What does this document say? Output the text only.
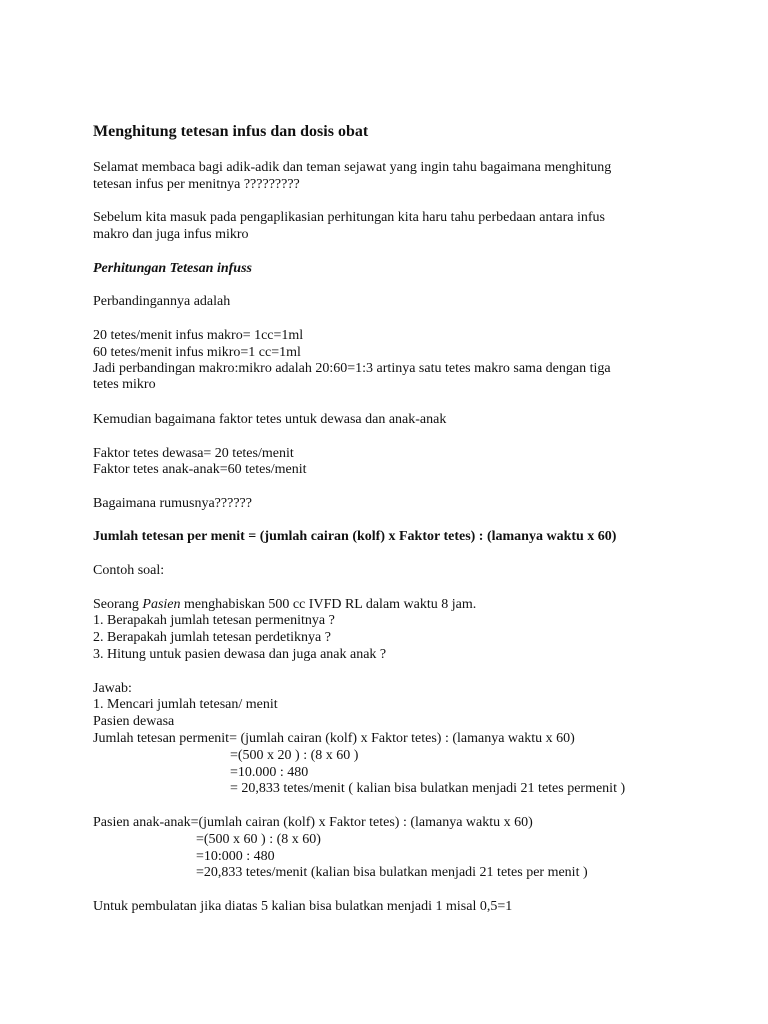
Menghitung tetesan infus dan dosis obat
Selamat membaca bagi adik-adik dan teman sejawat yang ingin tahu bagaimana menghitung
tetesan infus per menitnya ?????????
Sebelum kita masuk pada pengaplikasian perhitungan kita haru tahu perbedaan antara infus
makro dan juga infus mikro
Perhitungan Tetesan infuss
Perbandingannya adalah
20 tetes/menit infus makro= 1cc=1ml
60 tetes/menit infus mikro=1 cc=1ml
Jadi perbandingan makro:mikro adalah 20:60=1:3 artinya satu tetes makro sama dengan tiga
tetes mikro
Kemudian bagaimana faktor tetes untuk dewasa dan anak-anak
Faktor tetes dewasa= 20 tetes/menit
Faktor tetes anak-anak=60 tetes/menit
Bagaimana rumusnya??????
Jumlah tetesan per menit = (jumlah cairan (kolf) x Faktor tetes) : (lamanya waktu x 60)
Contoh soal:
Seorang Pasien menghabiskan 500 cc IVFD RL dalam waktu 8 jam.
1. Berapakah jumlah tetesan permenitnya ?
2. Berapakah jumlah tetesan perdetiknya ?
3. Hitung untuk pasien dewasa dan juga anak anak ?
Jawab:
1. Mencari jumlah tetesan/ menit
Pasien dewasa
Jumlah tetesan permenit= (jumlah cairan (kolf) x Faktor tetes) : (lamanya waktu x 60)
=(500 x 20 ) : (8 x 60 )
=10.000 : 480
= 20,833 tetes/menit ( kalian bisa bulatkan menjadi 21 tetes permenit )
Pasien anak-anak=(jumlah cairan (kolf) x Faktor tetes) : (lamanya waktu x 60)
=(500 x 60 ) : (8 x 60)
=10:000 : 480
=20,833 tetes/menit (kalian bisa bulatkan menjadi 21 tetes per menit )
Untuk pembulatan jika diatas 5 kalian bisa bulatkan menjadi 1 misal 0,5=1
